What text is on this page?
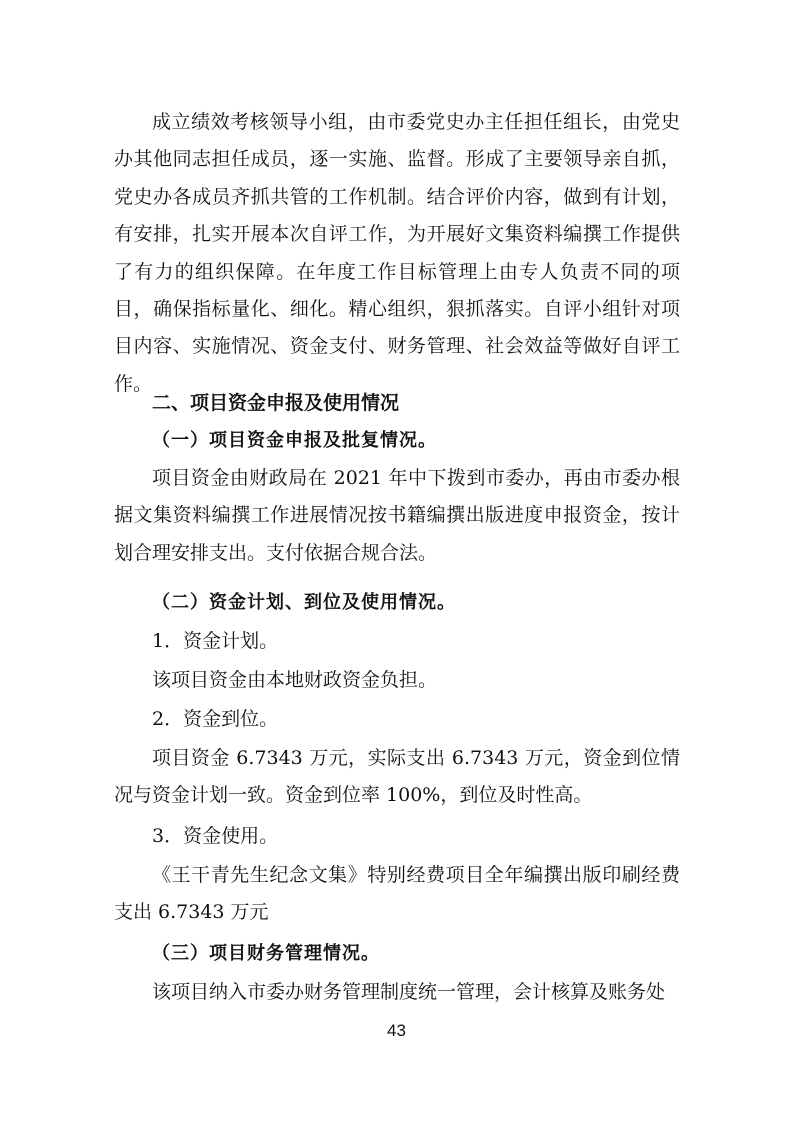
成立绩效考核领导小组，由市委党史办主任担任组长，由党史办其他同志担任成员，逐一实施、监督。形成了主要领导亲自抓，党史办各成员齐抓共管的工作机制。结合评价内容，做到有计划，有安排，扎实开展本次自评工作，为开展好文集资料编撰工作提供了有力的组织保障。在年度工作目标管理上由专人负责不同的项目，确保指标量化、细化。精心组织，狠抓落实。自评小组针对项目内容、实施情况、资金支付、财务管理、社会效益等做好自评工作。

二、项目资金申报及使用情况

（一）项目资金申报及批复情况。

项目资金由财政局在 2021 年中下拨到市委办，再由市委办根据文集资料编撰工作进展情况按书籍编撰出版进度申报资金，按计划合理安排支出。支付依据合规合法。

（二）资金计划、到位及使用情况。

1．资金计划。

该项目资金由本地财政资金负担。

2．资金到位。

项目资金 6.7343 万元，实际支出 6.7343 万元，资金到位情况与资金计划一致。资金到位率 100%，到位及时性高。

3．资金使用。

《王干青先生纪念文集》特别经费项目全年编撰出版印刷经费支出 6.7343 万元

（三）项目财务管理情况。

该项目纳入市委办财务管理制度统一管理，会计核算及账务处

43
